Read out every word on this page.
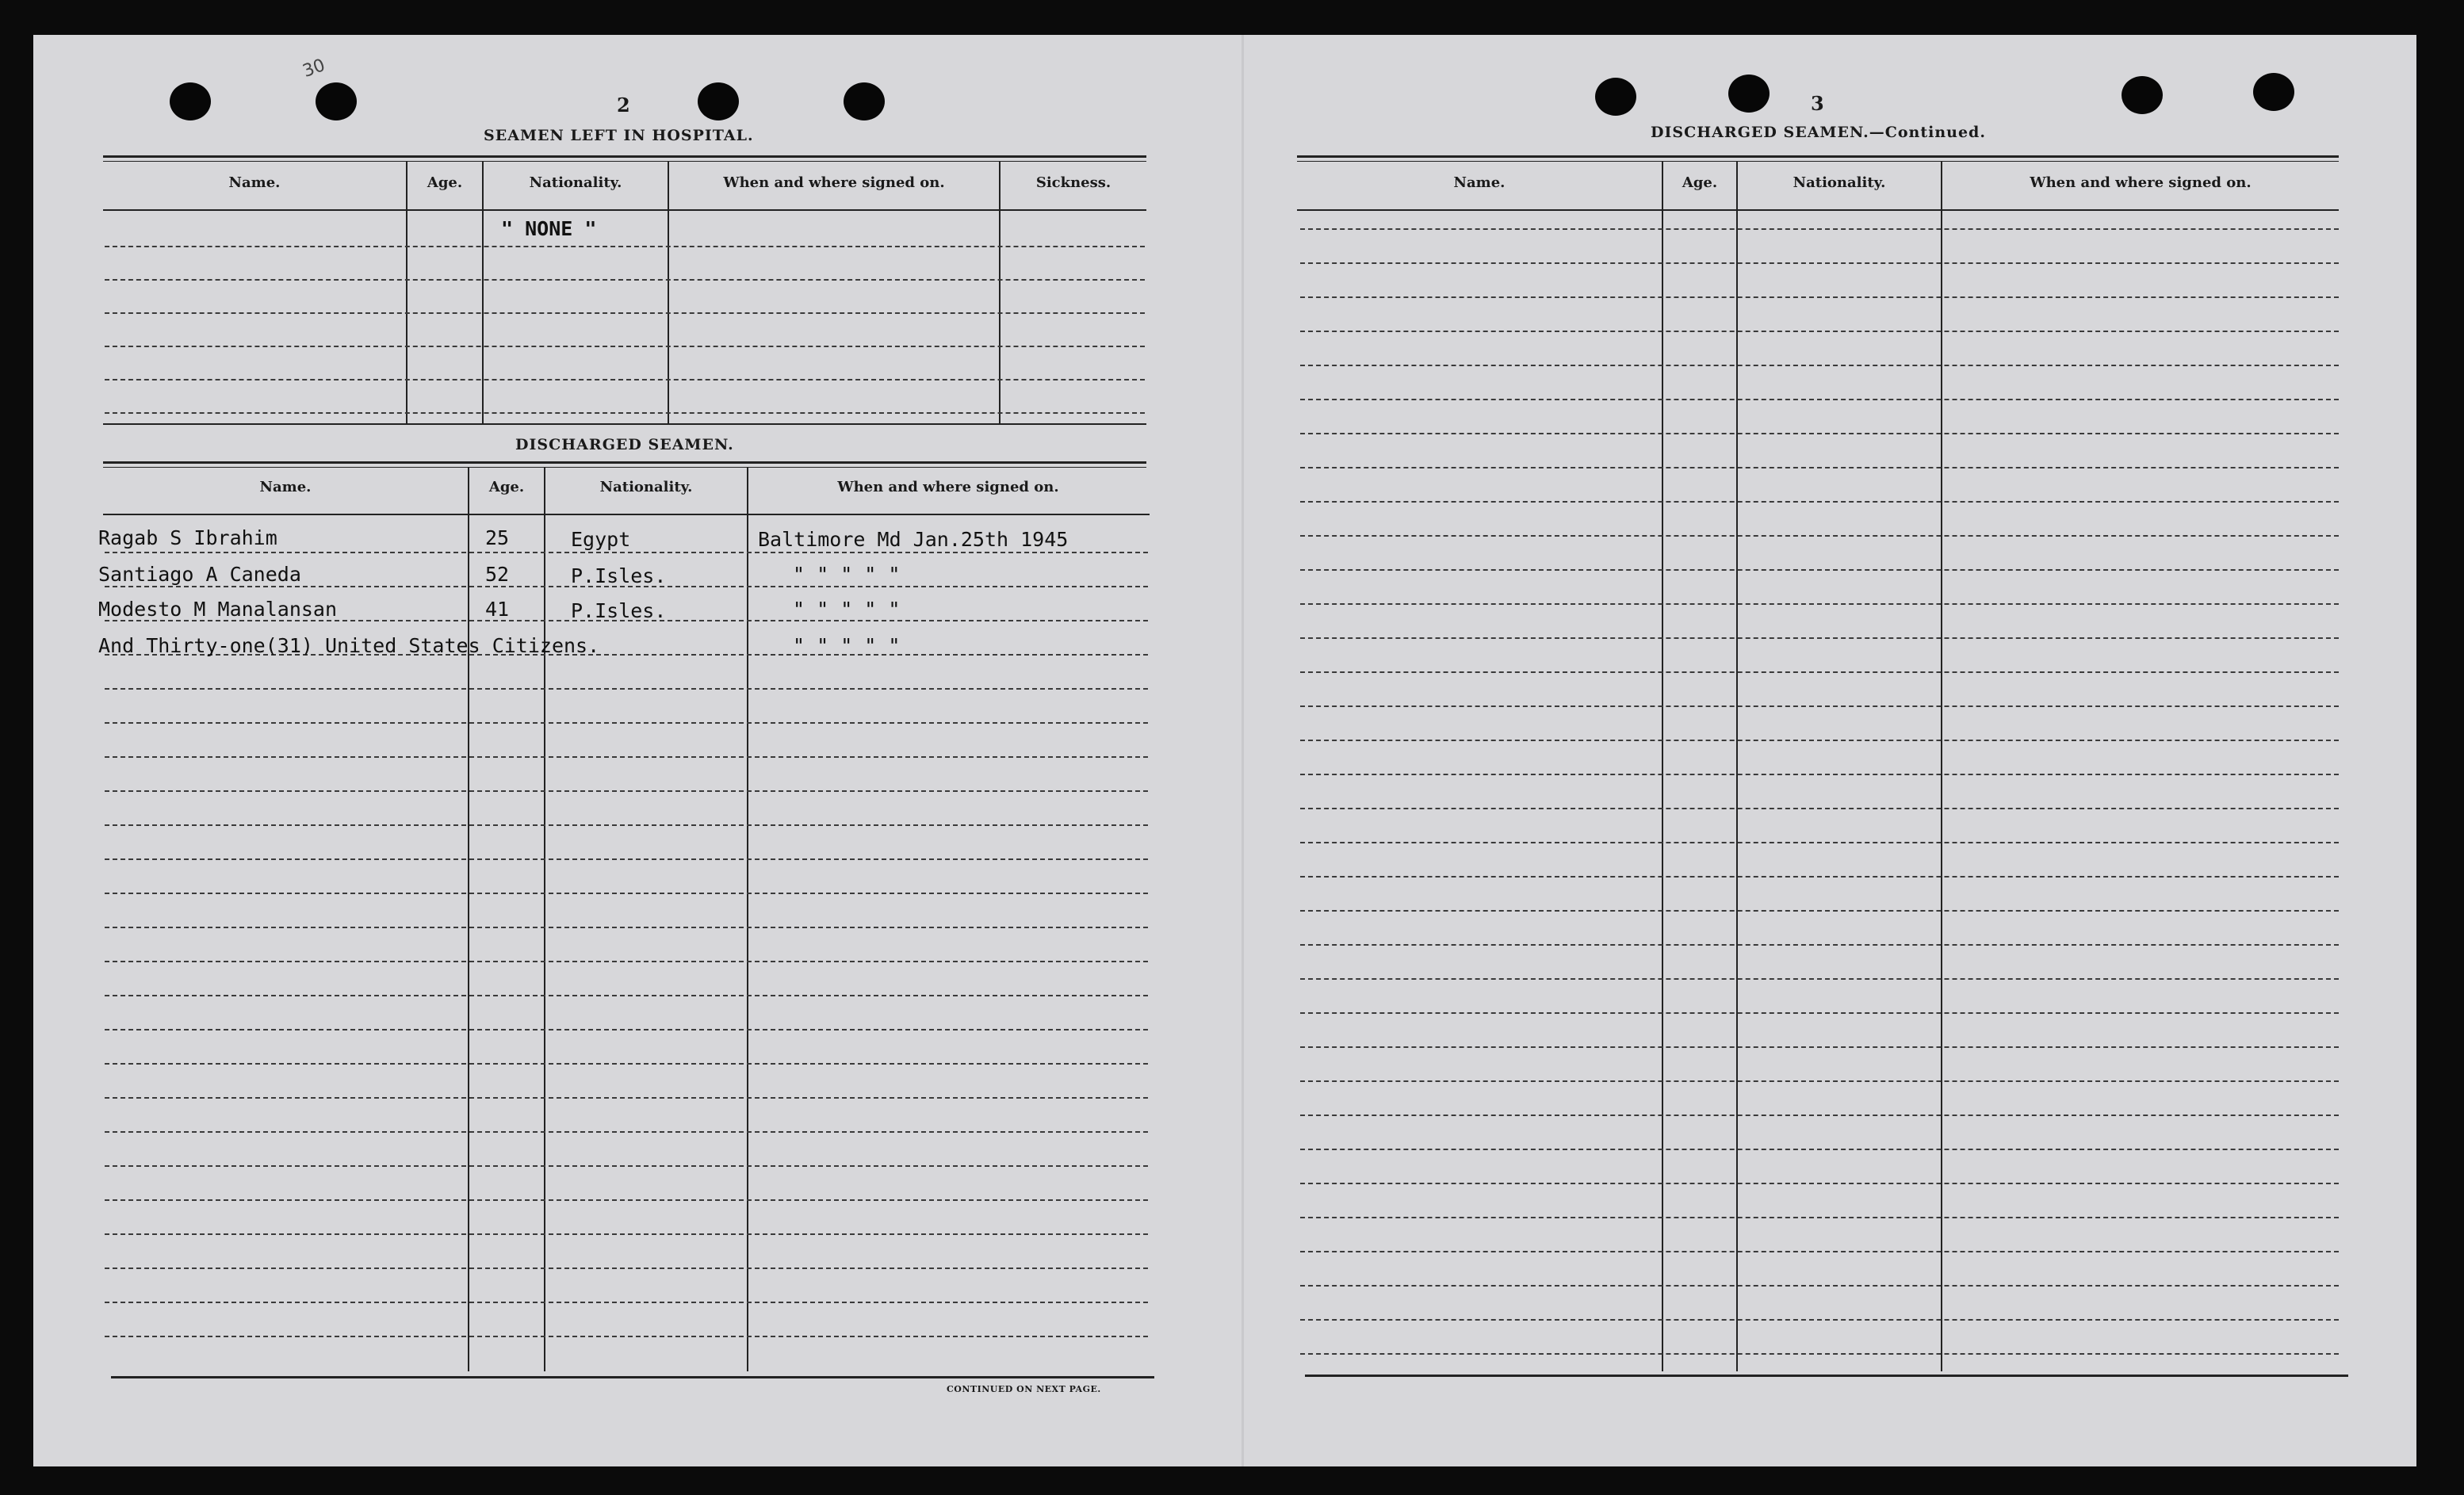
30
2
SEAMEN LEFT IN HOSPITAL.
Name.	Age.	Nationality.	When and where signed on.	Sickness.
" NONE "
DISCHARGED SEAMEN.
Name.	Age.	Nationality.	When and where signed on.
Ragab S Ibrahim	25	Egypt	Baltimore Md Jan.25th 1945
Santiago A Caneda	52	P.Isles.	" " " " "
Modesto M Manalansan	41	P.Isles.	" " " " "
And Thirty-one(31) United States Citizens.	" " " " "
CONTINUED ON NEXT PAGE.
3
DISCHARGED SEAMEN.—Continued.
Name.	Age.	Nationality.	When and where signed on.
